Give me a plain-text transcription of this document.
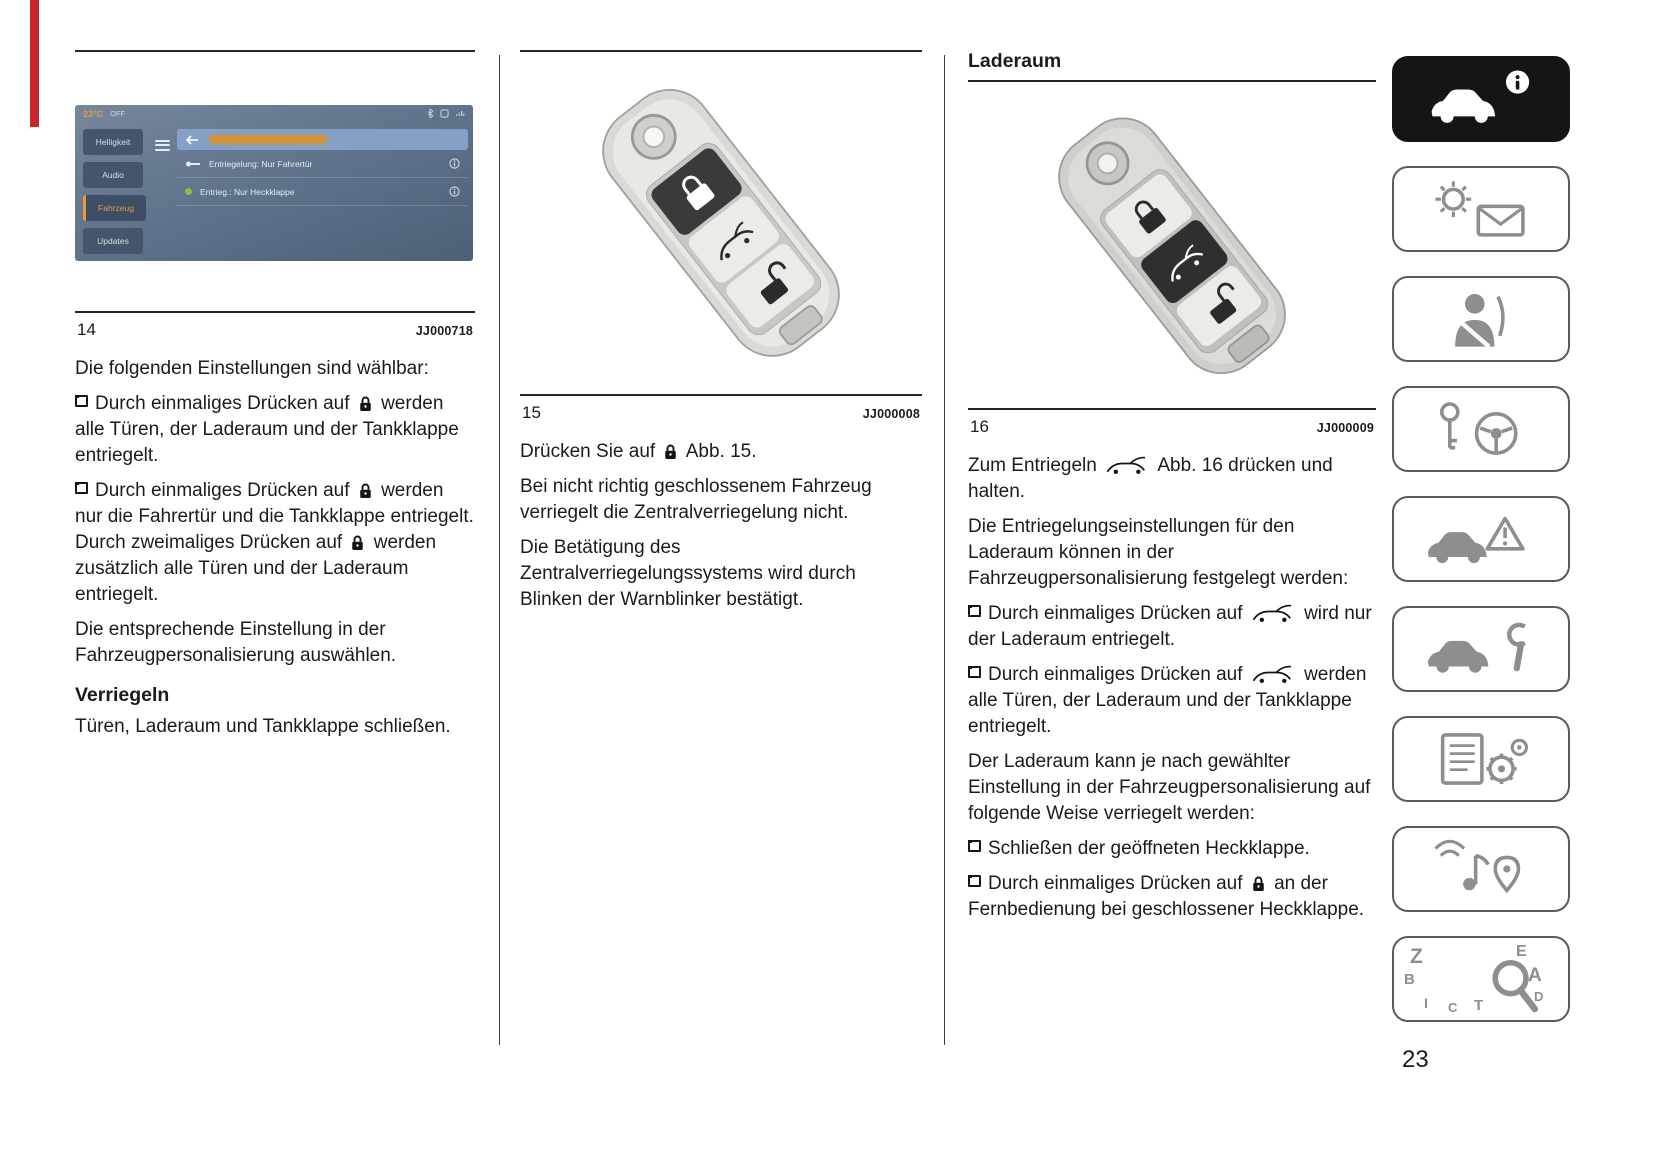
23°C OFF
Helligkeit
Audio
Fahrzeug
Updates
Entriegelung: Nur Fahrertür
Entrieg.: Nur Heckklappe
14	JJ000718

Die folgenden Einstellungen sind wählbar:

Durch einmaliges Drücken auf werden alle Türen, der Laderaum und der Tankklappe entriegelt.

Durch einmaliges Drücken auf werden nur die Fahrertür und die Tankklappe entriegelt. Durch zweimaliges Drücken auf werden zusätzlich alle Türen und der Laderaum entriegelt.

Die entsprechende Einstellung in der Fahrzeugpersonalisierung auswählen.

Verriegeln

Türen, Laderaum und Tankklappe schließen.

15	JJ000008

Drücken Sie auf Abb. 15.

Bei nicht richtig geschlossenem Fahrzeug verriegelt die Zentralverriegelung nicht.

Die Betätigung des Zentralverriegelungssystems wird durch Blinken der Warnblinker bestätigt.

Laderaum
16	JJ000009

Zum Entriegeln	Abb. 16 drücken und halten.

Die Entriegelungseinstellungen für den Laderaum können in der Fahrzeugpersonalisierung festgelegt werden:

Durch einmaliges Drücken auf	wird nur der Laderaum entriegelt.

Durch einmaliges Drücken auf	werden alle Türen, der Laderaum und der Tankklappe entriegelt.

Der Laderaum kann je nach gewählter Einstellung in der Fahrzeugpersonalisierung auf folgende Weise verriegelt werden:

Schließen der geöffneten Heckklappe.

Durch einmaliges Drücken auf an der Fernbedienung bei geschlossener Heckklappe.

Z	E
B	A
I C T
D
23
